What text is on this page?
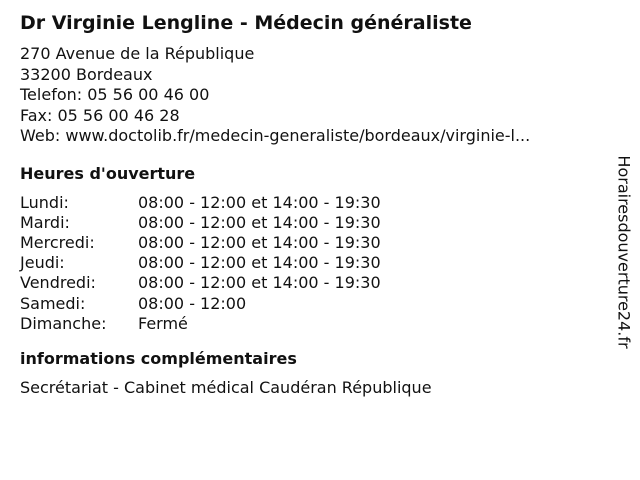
Dr Virginie Lengline - Médecin généraliste
270 Avenue de la République
33200 Bordeaux
Telefon: 05 56 00 46 00
Fax: 05 56 00 46 28
Web: www.doctolib.fr/medecin-generaliste/bordeaux/virginie-l...
Heures d'ouverture
Lundi:	08:00 - 12:00 et 14:00 - 19:30
Mardi:	08:00 - 12:00 et 14:00 - 19:30
Mercredi:	08:00 - 12:00 et 14:00 - 19:30
Jeudi:	08:00 - 12:00 et 14:00 - 19:30
Vendredi:	08:00 - 12:00 et 14:00 - 19:30
Samedi:	08:00 - 12:00
Dimanche:	Fermé
informations complémentaires
Secrétariat - Cabinet médical Caudéran République
Horairesdouverture24.fr
